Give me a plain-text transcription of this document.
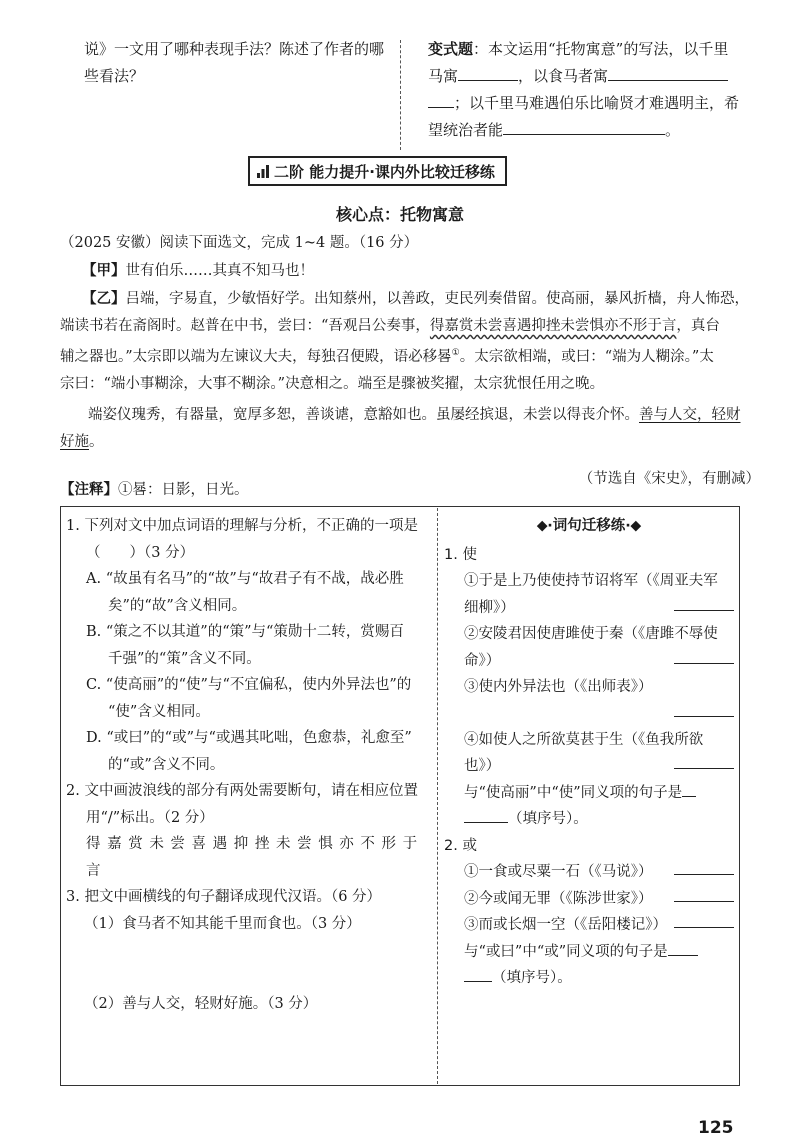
说》一文用了哪种表现手法？陈述了作者的哪
些看法？
变式题：本文运用“托物寓意”的写法，以千里
马寓	，以食马者寓
；以千里马难遇伯乐比喻贤才难遇明主，希
望统治者能	。
二阶 能力提升·课内外比较迁移练
核心点：托物寓意
（2025 安徽）阅读下面选文，完成 1~4 题。（16 分）
【甲】世有伯乐……其真不知马也！
【乙】吕端，字易直，少敏悟好学。出知蔡州，以善政，吏民列奏借留。使高丽，暴风折樯，舟人怖恐，
端读书若在斋阁时。赵普在中书，尝曰：“吾观吕公奏事，得嘉赏未尝喜遇抑挫未尝惧亦不形于言，真台
辅之器也。”太宗即以端为左谏议大夫，每独召便殿，语必移晷①。太宗欲相端，或曰：“端为人糊涂。”太
宗曰：“端小事糊涂，大事不糊涂。”决意相之。端至是骤被奖擢，太宗犹恨任用之晚。
端姿仪瑰秀，有器量，宽厚多恕，善谈谑，意豁如也。虽屡经摈退，未尝以得丧介怀。善与人交，轻财
好施。
（节选自《宋史》，有删减）
【注释】①晷：日影，日光。
1. 下列对文中加点词语的理解与分析，不正确的一项是
（　　）（3 分）
A. “故虽有名马”的“故”与“故君子有不战，战必胜
矣”的“故”含义相同。
B. “策之不以其道”的“策”与“策勋十二转，赏赐百
千强”的“策”含义不同。
C. “使高丽”的“使”与“不宜偏私，使内外异法也”的
“使”含义相同。
D. “或曰”的“或”与“或遇其叱咄，色愈恭，礼愈至”
的“或”含义不同。
2. 文中画波浪线的部分有两处需要断句，请在相应位置
用“/”标出。（2 分）
得 嘉 赏 未 尝 喜 遇 抑 挫 未 尝 惧 亦 不 形 于 言
3. 把文中画横线的句子翻译成现代汉语。（6 分）
（1）食马者不知其能千里而食也。（3 分）
（2）善与人交，轻财好施。（3 分）
⬥·词句迁移练·⬥
1. 使
①于是上乃使使持节诏将军（《周亚夫军
细柳》）
②安陵君因使唐雎使于秦（《唐雎不辱使
命》）
③使内外异法也（《出师表》）
④如使人之所欲莫甚于生（《鱼我所欲
也》）
与“使高丽”中“使”同义项的句子是
（填序号）。
2. 或
①一食或尽粟一石（《马说》）
②今或闻无罪（《陈涉世家》）
③而或长烟一空（《岳阳楼记》）
与“或曰”中“或”同义项的句子是
（填序号）。
125
